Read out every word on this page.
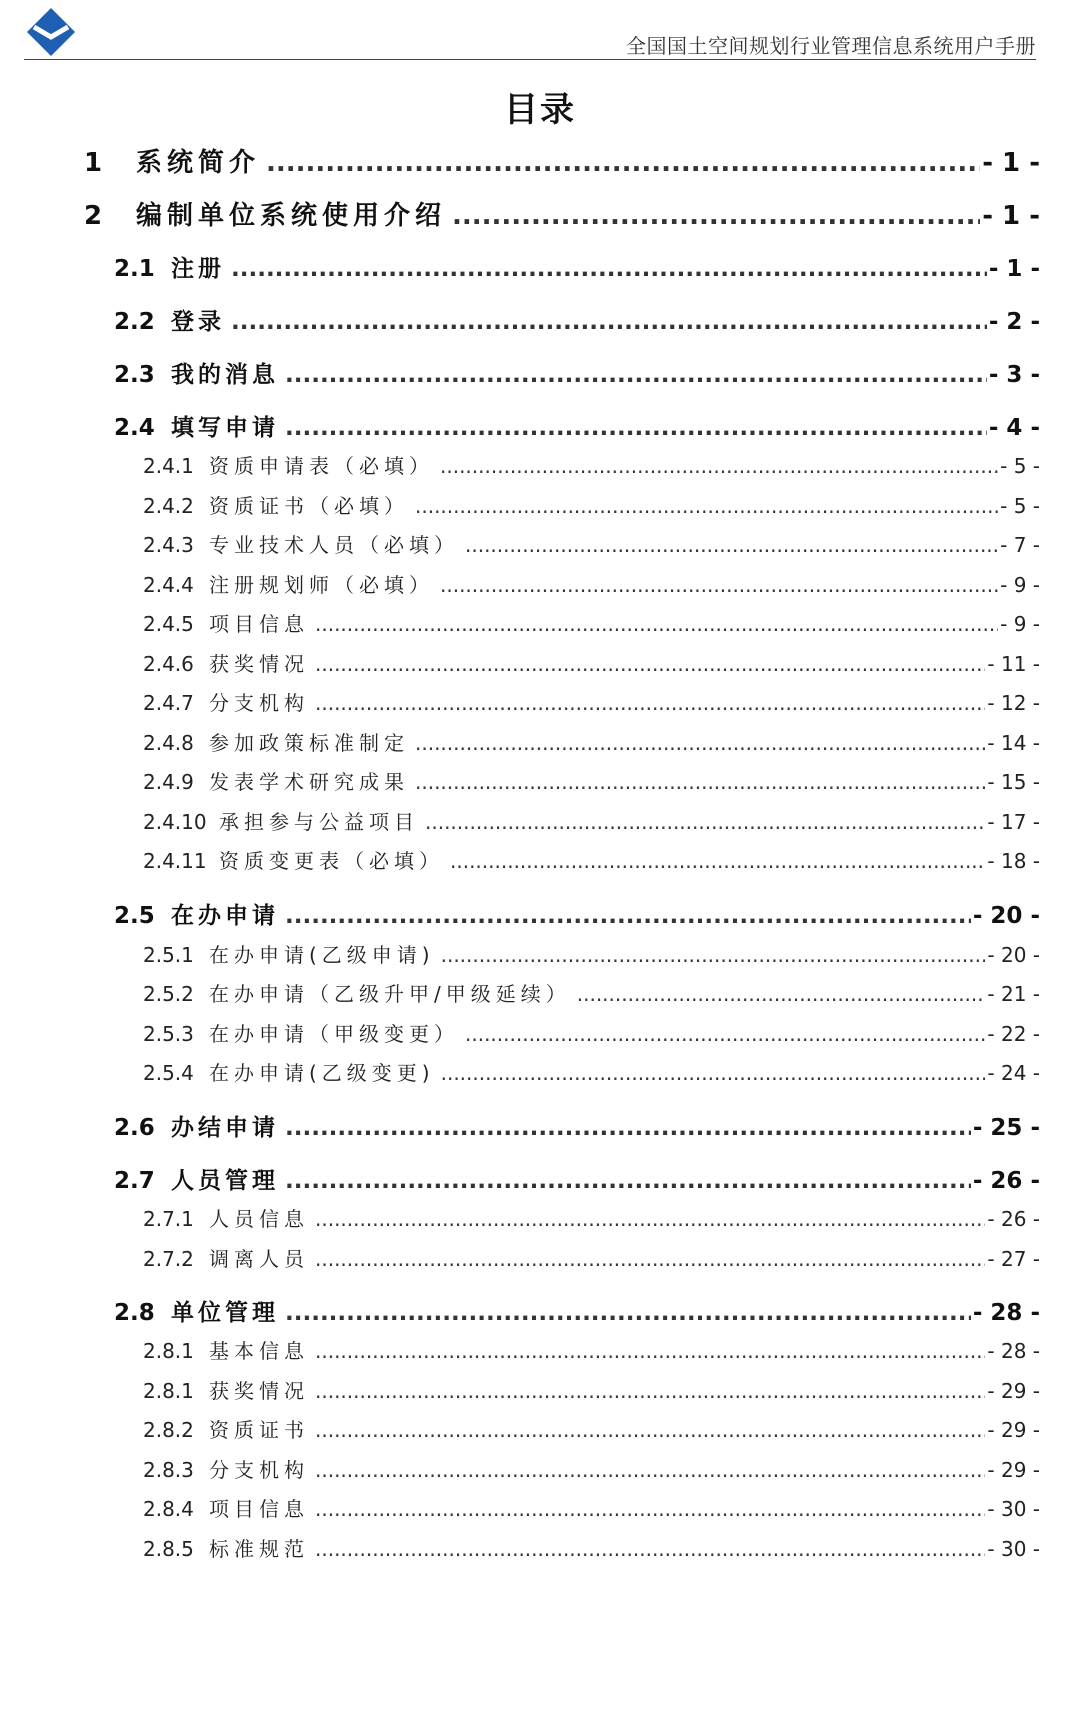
全国国土空间规划行业管理信息系统用户手册
目录
1	系统简介 .....	- 1 -
2	编制单位系统使用介绍 .....	- 1 -
2.1 注册 .....	- 1 -
2.2 登录 .....	- 2 -
2.3 我的消息 .....	- 3 -
2.4 填写申请 .....	- 4 -
2.4.1 资质申请表（必填） .....	- 5 -
2.4.2 资质证书（必填） .....	- 5 -
2.4.3 专业技术人员（必填） .....	- 7 -
2.4.4 注册规划师（必填） .....	- 9 -
2.4.5 项目信息 .....	- 9 -
2.4.6 获奖情况 .....	- 11 -
2.4.7 分支机构 .....	- 12 -
2.4.8 参加政策标准制定 .....	- 14 -
2.4.9 发表学术研究成果 .....	- 15 -
2.4.10 承担参与公益项目 .....	- 17 -
2.4.11 资质变更表（必填） .....	- 18 -
2.5 在办申请 .....	- 20 -
2.5.1 在办申请(乙级申请) .....	- 20 -
2.5.2 在办申请（乙级升甲/甲级延续） .....	- 21 -
2.5.3 在办申请（甲级变更） .....	- 22 -
2.5.4 在办申请(乙级变更) .....	- 24 -
2.6 办结申请 .....	- 25 -
2.7 人员管理 .....	- 26 -
2.7.1 人员信息 .....	- 26 -
2.7.2 调离人员 .....	- 27 -
2.8 单位管理 .....	- 28 -
2.8.1 基本信息 .....	- 28 -
2.8.1 获奖情况 .....	- 29 -
2.8.2 资质证书 .....	- 29 -
2.8.3 分支机构 .....	- 29 -
2.8.4 项目信息 .....	- 30 -
2.8.5 标准规范 .....	- 30 -
